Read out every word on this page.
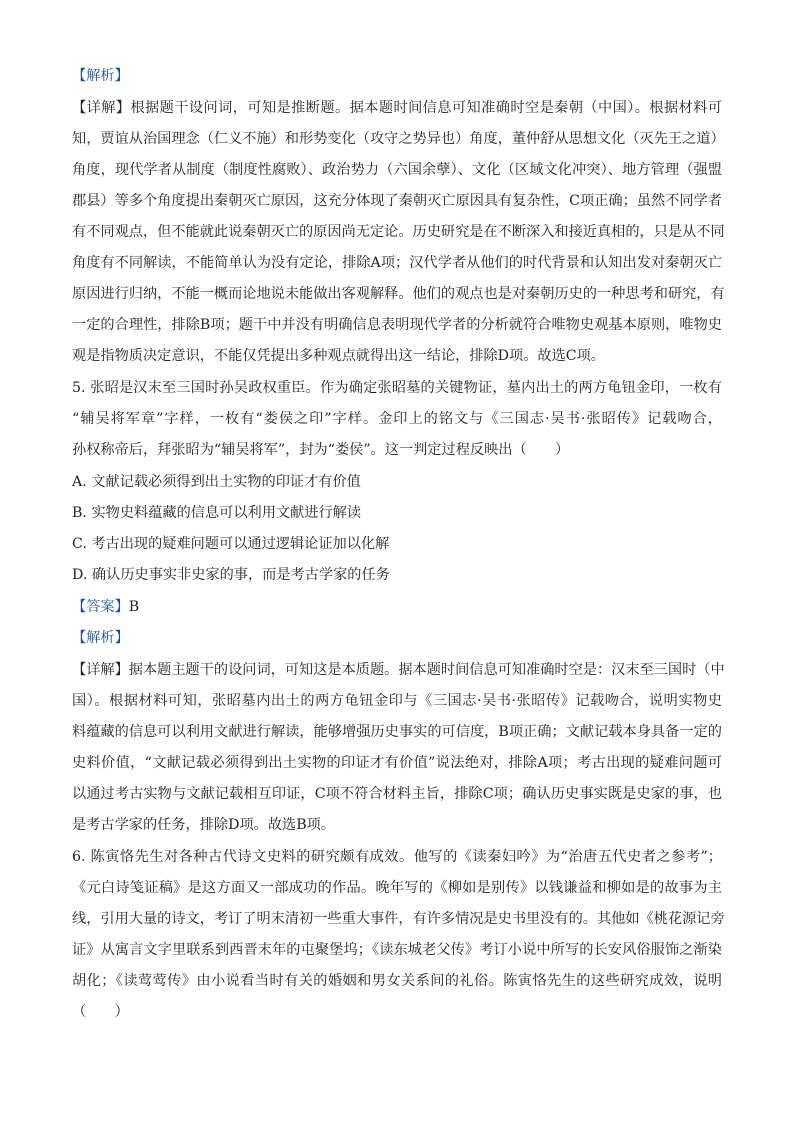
【解析】
【详解】根据题干设问词，可知是推断题。据本题时间信息可知准确时空是秦朝（中国）。根据材料可
知，贾谊从治国理念（仁义不施）和形势变化（攻守之势异也）角度，董仲舒从思想文化（灭先王之道）
角度，现代学者从制度（制度性腐败）、政治势力（六国余孽）、文化（区域文化冲突）、地方管理（强盟
郡县）等多个角度提出秦朝灭亡原因，这充分体现了秦朝灭亡原因具有复杂性，C项正确；虽然不同学者
有不同观点，但不能就此说秦朝灭亡的原因尚无定论。历史研究是在不断深入和接近真相的，只是从不同
角度有不同解读，不能简单认为没有定论，排除A项；汉代学者从他们的时代背景和认知出发对秦朝灭亡
原因进行归纳，不能一概而论地说未能做出客观解释。他们的观点也是对秦朝历史的一种思考和研究，有
一定的合理性，排除B项；题干中并没有明确信息表明现代学者的分析就符合唯物史观基本原则，唯物史
观是指物质决定意识，不能仅凭提出多种观点就得出这一结论，排除D项。故选C项。
5. 张昭是汉末至三国时孙吴政权重臣。作为确定张昭墓的关键物证，墓内出土的两方龟钮金印，一枚有
“辅吴将军章”字样，一枚有“娄侯之印”字样。金印上的铭文与《三国志·吴书·张昭传》记载吻合，
孙权称帝后，拜张昭为“辅吴将军”，封为“娄侯”。这一判定过程反映出（　　）
A. 文献记载必须得到出土实物的印证才有价值
B. 实物史料蕴藏的信息可以利用文献进行解读
C. 考古出现的疑难问题可以通过逻辑论证加以化解
D. 确认历史事实非史家的事，而是考古学家的任务
【答案】B
【解析】
【详解】据本题主题干的设问词，可知这是本质题。据本题时间信息可知准确时空是：汉末至三国时（中
国）。根据材料可知，张昭墓内出土的两方龟钮金印与《三国志·吴书·张昭传》记载吻合，说明实物史
料蕴藏的信息可以利用文献进行解读，能够增强历史事实的可信度，B项正确；文献记载本身具备一定的
史料价值，“文献记载必须得到出土实物的印证才有价值”说法绝对，排除A项；考古出现的疑难问题可
以通过考古实物与文献记载相互印证，C项不符合材料主旨，排除C项；确认历史事实既是史家的事，也
是考古学家的任务，排除D项。故选B项。
6. 陈寅恪先生对各种古代诗文史料的研究颇有成效。他写的《读秦妇吟》为“治唐五代史者之参考”；
《元白诗笺证稿》是这方面又一部成功的作品。晚年写的《柳如是别传》以钱谦益和柳如是的故事为主
线，引用大量的诗文，考订了明末清初一些重大事件，有许多情况是史书里没有的。其他如《桃花源记旁
证》从寓言文字里联系到西晋末年的屯聚堡坞；《读东城老父传》考订小说中所写的长安风俗服饰之渐染
胡化；《读莺莺传》由小说看当时有关的婚姻和男女关系间的礼俗。陈寅恪先生的这些研究成效，说明
（　　）
